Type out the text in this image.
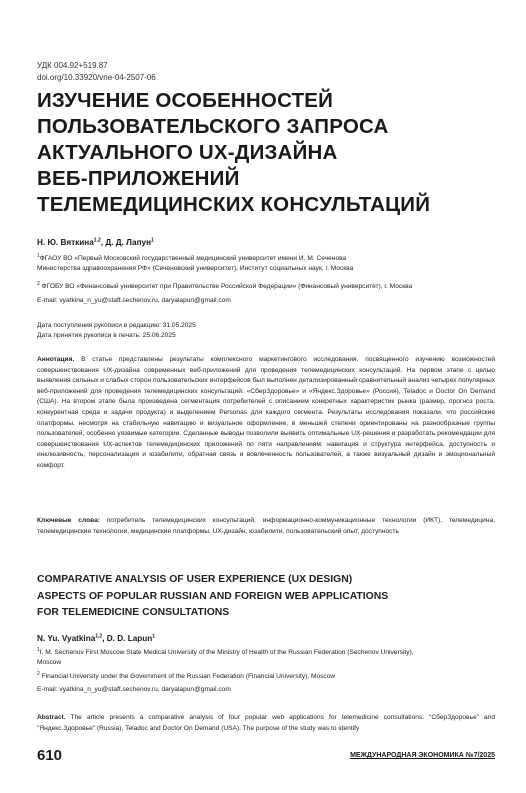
УДК 004.92+519.87
doi.org/10.33920/vne-04-2507-06
ИЗУЧЕНИЕ ОСОБЕННОСТЕЙ
ПОЛЬЗОВАТЕЛЬСКОГО ЗАПРОСА
АКТУАЛЬНОГО UX-ДИЗАЙНА
ВЕБ-ПРИЛОЖЕНИЙ
ТЕЛЕМЕДИЦИНСКИХ КОНСУЛЬТАЦИЙ
Н. Ю. Вяткина$^{1,2}$, Д. Д. Лапун$^1$
$^1$ФГАОУ ВО «Первый Московский государственный медицинский университет имени И. М. Сеченова
Министерства здравоохранения РФ» (Сеченовский университет), Институт социальных наук, г. Москва
$^2$ ФГОБУ ВО «Финансовый университет при Правительстве Российской Федерации» (Финансовый университет), г. Москва
E-mail: vyatkina_n_yu@staff.sechenov.ru, daryalapun@gmail.com
Дата поступления рукописи в редакцию: 31.05.2025
Дата принятия рукописи в печать: 25.06.2025
Аннотация. В статье представлены результаты комплексного маркетингового исследования, посвященного изучению возможностей совершенствования UX-дизайна современных веб-приложений для проведения телемедицинских консультаций. На первом этапе с целью выявления сильных и слабых сторон пользовательских интерфейсов был выполнен детализированный сравнительный анализ четырех популярных веб-приложений для проведения телемедицинских консультаций: «СберЗдоровье» и «Яндекс.Здоровье» (Россия), Teladoc и Doctor On Demand (США). На втором этапе была произведена сегментация потребителей с описанием конкретных характеристик рынка (размер, прогноз роста, конкурентная среда и задачи продукта) и выделением Personas для каждого сегмента. Результаты исследования показали, что российские платформы, несмотря на стабильную навигацию и визуальное оформление, в меньшей степени ориентированы на разнообразные группы пользователей, особенно уязвимые категории. Сделанные выводы позволили выявить оптимальные UX-решения и разработать рекомендации для совершенствования UX-аспектов телемедицинских приложений по пяти направлениям: навигация и структура интерфейса, доступность и инклюзивность, персонализация и юзабилити, обратная связь и вовлеченность пользователей, а также визуальный дизайн и эмоциональный комфорт.
Ключевые слова: потребитель телемедицинских консультаций, информационно-коммуникационные технологии (ИКТ), телемедицина, телемедицинские технологии, медицинские платформы, UX-дизайн, юзабилити, пользовательский опыт, доступность
COMPARATIVE ANALYSIS OF USER EXPERIENCE (UX DESIGN)
ASPECTS OF POPULAR RUSSIAN AND FOREIGN WEB APPLICATIONS
FOR TELEMEDICINE CONSULTATIONS
N. Yu. Vyatkina$^{1,2}$, D. D. Lapun$^1$
$^1$I. M. Sechenov First Moscow State Medical University of the Ministry of Health of the Russian Federation (Sechenov University),
Moscow
$^2$ Financial University under the Government of the Russian Federation (Financial University), Moscow
E-mail: vyatkina_n_yu@staff.sechenov.ru, daryalapun@gmail.com
Abstract. The article presents a comparative analysis of four popular web applications for telemedicine consultations: "СберЗдоровье" and "Яндекс.Здоровье" (Russia), Teladoc and Doctor On Demand (USA). The purpose of the study was to identify
610	МЕЖДУНАРОДНАЯ ЭКОНОМИКА №7/2025
